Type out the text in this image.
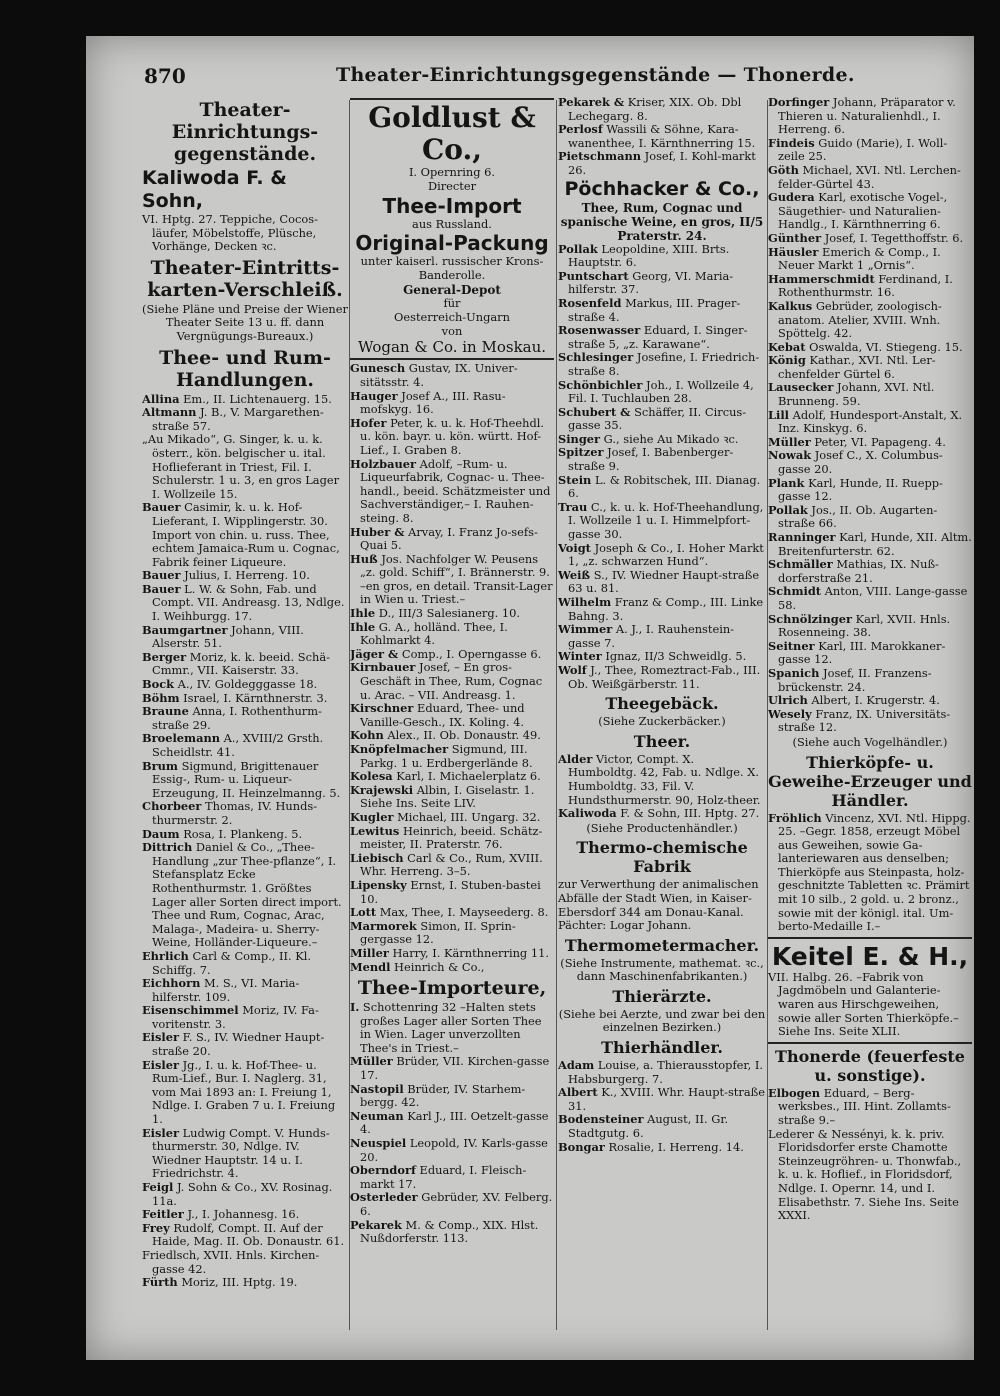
870	Theater-Einrichtungsgegenstände — Thonerde.
Theater-Einrichtungs-gegenstände.
Kaliwoda F. & Sohn,

VI. Hptg. 27. Teppiche, Cocos-läufer, Möbelstoffe, Plüsche, Vorhänge, Decken ꝛc.

Theater-Eintritts-karten-Verschleiß.
(Siehe Pläne und Preise der Wiener Theater Seite 13 u. ff. dann Vergnügungs-Bureaux.)
Thee- und Rum-Handlungen.

Allina Em., II. Lichtenauerg. 15.

Altmann J. B., V. Margarethen-straße 57.

„Au Mikado“, G. Singer, k. u. k. österr., kön. belgischer u. ital. Hoflieferant in Triest, Fil. I. Schulerstr. 1 u. 3, en gros Lager I. Wollzeile 15.

Bauer Casimir, k. u. k. Hof-Lieferant, I. Wipplingerstr. 30. Import von chin. u. russ. Thee, echtem Jamaica-Rum u. Cognac, Fabrik feiner Liqueure.

Bauer Julius, I. Herreng. 10.

Bauer L. W. & Sohn, Fab. und Compt. VII. Andreasg. 13, Ndlge. I. Weihburgg. 17.

Baumgartner Johann, VIII. Alserstr. 51.

Berger Moriz, k. k. beeid. Schä-Cmmr., VII. Kaiserstr. 33.

Bock A., IV. Goldegggasse 18.

Böhm Israel, I. Kärnthnerstr. 3.

Braune Anna, I. Rothenthurm-straße 29.

Broelemann A., XVIII/2 Grsth. Scheidlstr. 41.

Brum Sigmund, Brigittenauer Essig-, Rum- u. Liqueur-Erzeugung, II. Heinzelmanng. 5.

Chorbeer Thomas, IV. Hunds-thurmerstr. 2.

Daum Rosa, I. Plankeng. 5.

Dittrich Daniel & Co., „Thee-Handlung „zur Thee-pflanze“, I. Stefansplatz Ecke Rothenthurmstr. 1. Größtes Lager aller Sorten direct import. Thee und Rum, Cognac, Arac, Malaga-, Madeira- u. Sherry-Weine, Holländer-Liqueure.–

Ehrlich Carl & Comp., II. Kl. Schiffg. 7.

Eichhorn M. S., VI. Maria-hilferstr. 109.

Eisenschimmel Moriz, IV. Fa-voritenstr. 3.

Eisler F. S., IV. Wiedner Haupt-straße 20.

Eisler Jg., I. u. k. Hof-Thee- u. Rum-Lief., Bur. I. Naglerg. 31, vom Mai 1893 an: I. Freiung 1, Ndlge. I. Graben 7 u. I. Freiung 1.

Eisler Ludwig Compt. V. Hunds-thurmerstr. 30, Ndlge. IV. Wiedner Hauptstr. 14 u. I. Friedrichstr. 4.

Feigl J. Sohn & Co., XV. Rosinag. 11a.

Feitler J., I. Johannesg. 16.

Frey Rudolf, Compt. II. Auf der Haide, Mag. II. Ob. Donaustr. 61.

Friedlsch, XVII. Hnls. Kirchen-gasse 42.

Fürth Moriz, III. Hptg. 19.

Goldlust & Co.,
I. Opernring 6.
Directer
Thee-Import
aus Russland.
Original-Packung
unter kaiserl. russischer Krons-Banderolle.
General-Depot
für
Oesterreich-Ungarn
von
Wogan & Co. in Moskau.

Gunesch Gustav, IX. Univer-sitätsstr. 4.

Hauger Josef A., III. Rasu-mofskyg. 16.

Hofer Peter, k. u. k. Hof-Theehdl. u. kön. bayr. u. kön. württ. Hof-Lief., I. Graben 8.

Holzbauer Adolf, –Rum- u. Liqueurfabrik, Cognac- u. Thee-handl., beeid. Schätzmeister und Sachverständiger,– I. Rauhen-steing. 8.

Huber & Arvay, I. Franz Jo-sefs-Quai 5.

Huß Jos. Nachfolger W. Peusens „z. gold. Schiff“, I. Brännerstr. 9. –en gros, en detail. Transit-Lager in Wien u. Triest.–

Ihle D., III/3 Salesianerg. 10.

Ihle G. A., holländ. Thee, I. Kohlmarkt 4.

Jäger & Comp., I. Operngasse 6.

Kirnbauer Josef, – En gros-Geschäft in Thee, Rum, Cognac u. Arac. – VII. Andreasg. 1.

Kirschner Eduard, Thee- und Vanille-Gesch., IX. Koling. 4.

Kohn Alex., II. Ob. Donaustr. 49.

Knöpfelmacher Sigmund, III. Parkg. 1 u. Erdbergerlände 8.

Kolesa Karl, I. Michaelerplatz 6.

Krajewski Albin, I. Giselastr. 1. Siehe Ins. Seite LIV.

Kugler Michael, III. Ungarg. 32.

Lewitus Heinrich, beeid. Schätz-meister, II. Praterstr. 76.

Liebisch Carl & Co., Rum, XVIII. Whr. Herreng. 3–5.

Lipensky Ernst, I. Stuben-bastei 10.

Lott Max, Thee, I. Mayseederg. 8.

Marmorek Simon, II. Sprin-gergasse 12.

Miller Harry, I. Kärnthnerring 11.

Mendl Heinrich & Co.,

Thee-Importeure,

I. Schottenring 32 –Halten stets großes Lager aller Sorten Thee in Wien. Lager unverzollten Thee's in Triest.–

Müller Brüder, VII. Kirchen-gasse 17.

Nastopil Brüder, IV. Starhem-bergg. 42.

Neuman Karl J., III. Oetzelt-gasse 4.

Neuspiel Leopold, IV. Karls-gasse 20.

Oberndorf Eduard, I. Fleisch-markt 17.

Osterleder Gebrüder, XV. Felberg. 6.

Pekarek M. & Comp., XIX. Hlst. Nußdorferstr. 113.

Pekarek & Kriser, XIX. Ob. Dbl Lechegarg. 8.

Perlosf Wassili & Söhne, Kara-wanenthee, I. Kärnthnerring 15.

Pietschmann Josef, I. Kohl-markt 26.

Pöchhacker & Co.,
Thee, Rum, Cognac und spanische Weine, en gros, II/5 Praterstr. 24.

Pollak Leopoldine, XIII. Brts. Hauptstr. 6.

Puntschart Georg, VI. Maria-hilferstr. 37.

Rosenfeld Markus, III. Prager-straße 4.

Rosenwasser Eduard, I. Singer-straße 5, „z. Karawane“.

Schlesinger Josefine, I. Friedrich-straße 8.

Schönbichler Joh., I. Wollzeile 4, Fil. I. Tuchlauben 28.

Schubert & Schäffer, II. Circus-gasse 35.

Singer G., siehe Au Mikado ꝛc.

Spitzer Josef, I. Babenberger-straße 9.

Stein L. & Robitschek, III. Dianag. 6.

Trau C., k. u. k. Hof-Theehandlung, I. Wollzeile 1 u. I. Himmelpfort-gasse 30.

Voigt Joseph & Co., I. Hoher Markt 1, „z. schwarzen Hund“.

Weiß S., IV. Wiedner Haupt-straße 63 u. 81.

Wilhelm Franz & Comp., III. Linke Bahng. 3.

Wimmer A. J., I. Rauhenstein-gasse 7.

Winter Ignaz, II/3 Schweidlg. 5.

Wolf J., Thee, Romeztract-Fab., III. Ob. Weißgärberstr. 11.

Theegebäck.
(Siehe Zuckerbäcker.)
Theer.

Alder Victor, Compt. X. Humboldtg. 42, Fab. u. Ndlge. X. Humboldtg. 33, Fil. V. Hundsthurmerstr. 90, Holz-theer.

Kaliwoda F. & Sohn, III. Hptg. 27.

(Siehe Productenhändler.)
Thermo-chemische Fabrik

zur Verwerthung der animalischen Abfälle der Stadt Wien, in Kaiser-Ebersdorf 344 am Donau-Kanal. Pächter: Logar Johann.

Thermometermacher.
(Siehe Instrumente, mathemat. ꝛc., dann Maschinenfabrikanten.)
Thierärzte.
(Siehe bei Aerzte, und zwar bei den einzelnen Bezirken.)
Thierhändler.

Adam Louise, a. Thierausstopfer, I. Habsburgerg. 7.

Albert K., XVIII. Whr. Haupt-straße 31.

Bodensteiner August, II. Gr. Stadtgutg. 6.

Bongar Rosalie, I. Herreng. 14.

Dorfinger Johann, Präparator v. Thieren u. Naturalienhdl., I. Herreng. 6.

Findeis Guido (Marie), I. Woll-zeile 25.

Göth Michael, XVI. Ntl. Lerchen-felder-Gürtel 43.

Gudera Karl, exotische Vogel-, Säugethier- und Naturalien-Handlg., I. Kärnthnerring 6.

Günther Josef, I. Tegetthoffstr. 6.

Häusler Emerich & Comp., I. Neuer Markt 1 „Ornis“.

Hammerschmidt Ferdinand, I. Rothenthurmstr. 16.

Kalkus Gebrüder, zoologisch-anatom. Atelier, XVIII. Wnh. Spöttelg. 42.

Kebat Oswalda, VI. Stiegeng. 15.

König Kathar., XVI. Ntl. Ler-chenfelder Gürtel 6.

Lausecker Johann, XVI. Ntl. Brunneng. 59.

Lill Adolf, Hundesport-Anstalt, X. Inz. Kinskyg. 6.

Müller Peter, VI. Papageng. 4.

Nowak Josef C., X. Columbus-gasse 20.

Plank Karl, Hunde, II. Ruepp-gasse 12.

Pollak Jos., II. Ob. Augarten-straße 66.

Ranninger Karl, Hunde, XII. Altm. Breitenfurterstr. 62.

Schmäller Mathias, IX. Nuß-dorferstraße 21.

Schmidt Anton, VIII. Lange-gasse 58.

Schnölzinger Karl, XVII. Hnls. Rosenneing. 38.

Seitner Karl, III. Marokkaner-gasse 12.

Spanich Josef, II. Franzens-brückenstr. 24.

Ulrich Albert, I. Krugerstr. 4.

Wesely Franz, IX. Universitäts-straße 12.

(Siehe auch Vogelhändler.)
Thierköpfe- u. Geweihe-Erzeuger und Händler.

Fröhlich Vincenz, XVI. Ntl. Hippg. 25. –Gegr. 1858, erzeugt Möbel aus Geweihen, sowie Ga-lanteriewaren aus denselben; Thierköpfe aus Steinpasta, holz-geschnitzte Tabletten ꝛc. Prämirt mit 10 silb., 2 gold. u. 2 bronz., sowie mit der königl. ital. Um-berto-Medaille I.–

Keitel E. & H.,

VII. Halbg. 26. –Fabrik von Jagdmöbeln und Galanterie-waren aus Hirschgeweihen, sowie aller Sorten Thierköpfe.– Siehe Ins. Seite XLII.

Thonerde (feuerfeste u. sonstige).

Elbogen Eduard, – Berg-werksbes., III. Hint. Zollamts-straße 9.–

Lederer & Nessényi, k. k. priv. Floridsdorfer erste Chamotte Steinzeugröhren- u. Thonwfab., k. u. k. Hoflief., in Floridsdorf, Ndlge. I. Opernr. 14, und I. Elisabethstr. 7. Siehe Ins. Seite XXXI.
